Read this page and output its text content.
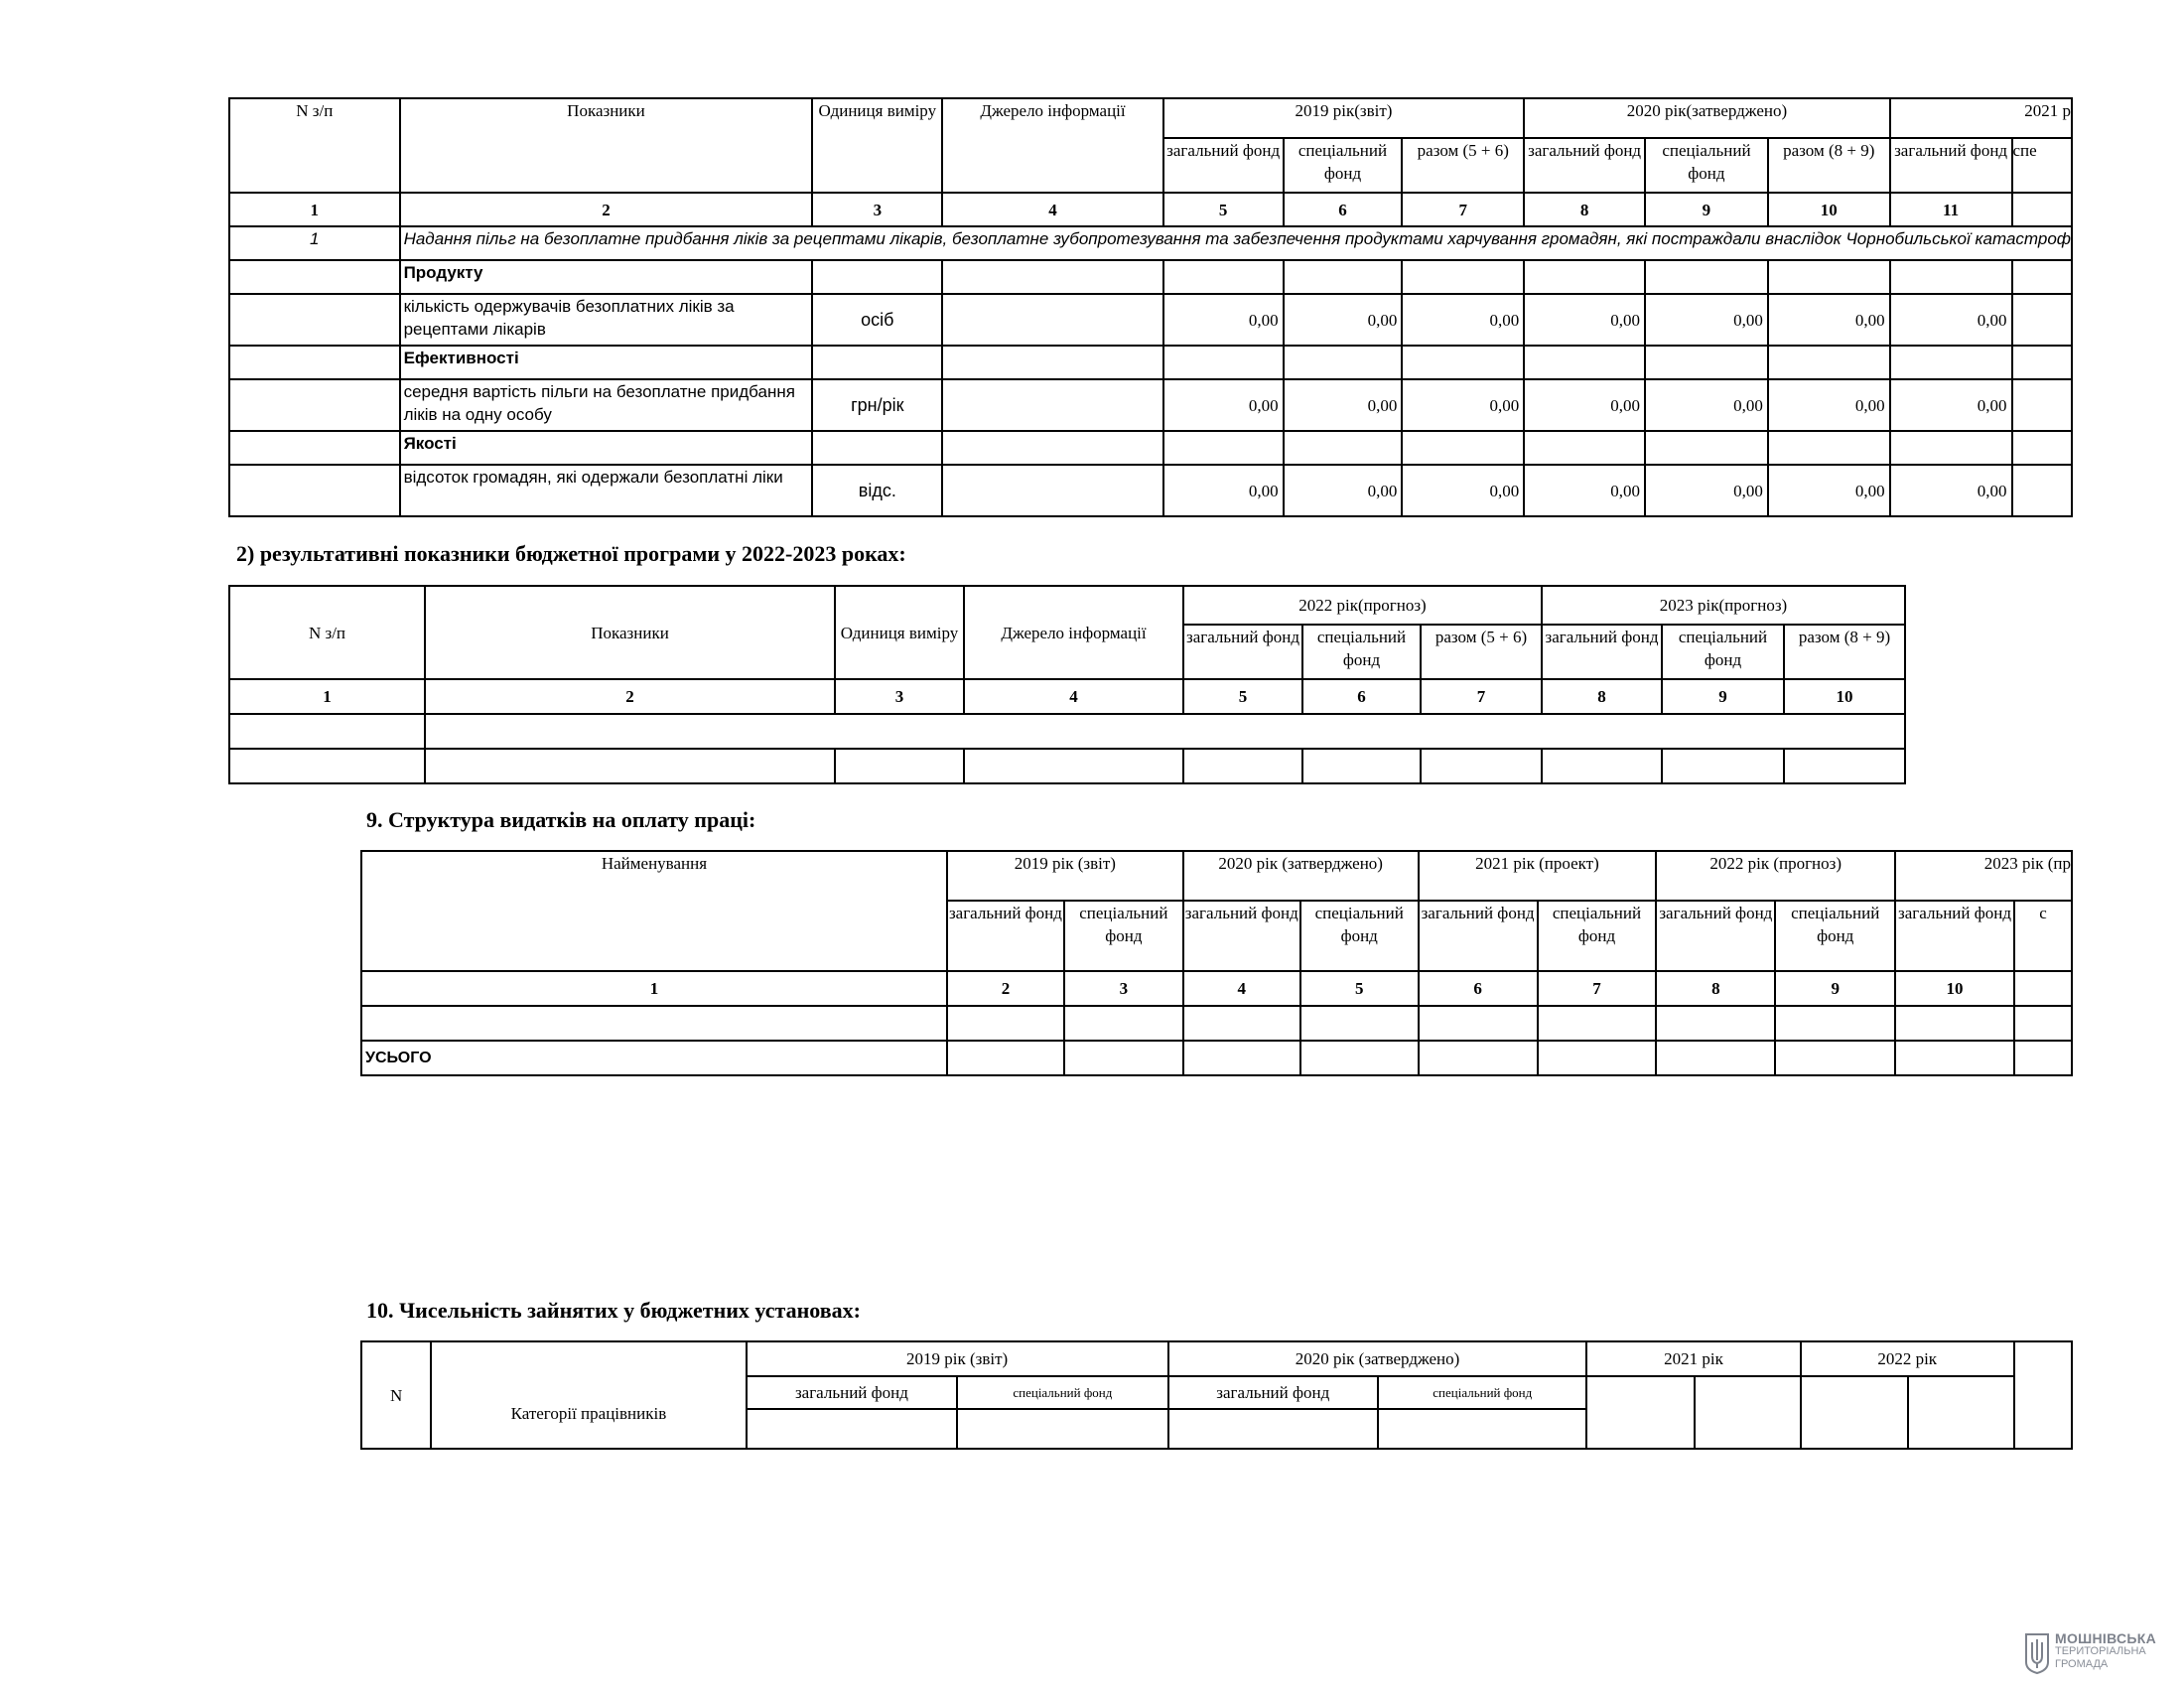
N з/п	Показники	Одиниця виміру	Джерело інформації	2019 рік(звіт)			2020 рік(затверджено)			2021 р	
				загальний фонд	спеціальний фонд	разом (5 + 6)	загальний фонд	спеціальний фонд	разом (8 + 9)	загальний фонд	спе
1	2	3	4	5	6	7	8	9	10	11	
1	Надання пільг на безоплатне придбання ліків за рецептами лікарів, безоплатне зубопротезування та забезпечення продуктами харчування громадян, які постраждали внаслідок Чорнобильської катастроф										
	Продукту										
	кількість одержувачів безоплатних ліків за рецептами лікарів	осіб		0,00	0,00	0,00	0,00	0,00	0,00	0,00	
	Ефективності										
	середня вартість пільги на безоплатне придбання ліків на одну особу	грн/рік		0,00	0,00	0,00	0,00	0,00	0,00	0,00	
	Якості										
	відсоток громадян, які одержали безоплатні ліки	відс.		0,00	0,00	0,00	0,00	0,00	0,00	0,00	
2) результативні показники бюджетної програми у 2022-2023 роках:
N з/п	Показники	Одиниця виміру	Джерело інформації	2022 рік(прогноз)			2023 рік(прогноз)		
				загальний фонд	спеціальний фонд	разом (5 + 6)	загальний фонд	спеціальний фонд	разом (8 + 9)
1	2	3	4	5	6	7	8	9	10

9. Структура видатків на оплату праці:
Найменування	2019 рік (звіт)		2020 рік (затверджено)		2021 рік (проект)		2022 рік (прогноз)		2023 рік (пр	
	загальний фонд	спеціальний фонд	загальний фонд	спеціальний фонд	загальний фонд	спеціальний фонд	загальний фонд	спеціальний фонд	загальний фонд	с
1	2	3	4	5	6	7	8	9	10	

УСЬОГО										
10. Чисельність зайнятих у бюджетних установах:
N	Категорії працівників	2019 рік (звіт)		2020 рік (затверджено)		2021 рік		2022 рік		
		загальний фонд	спеціальний фонд	загальний фонд	спеціальний фонд					

МОШНІВСЬКА
ТЕРИТОРІАЛЬНА
ГРОМАДА
